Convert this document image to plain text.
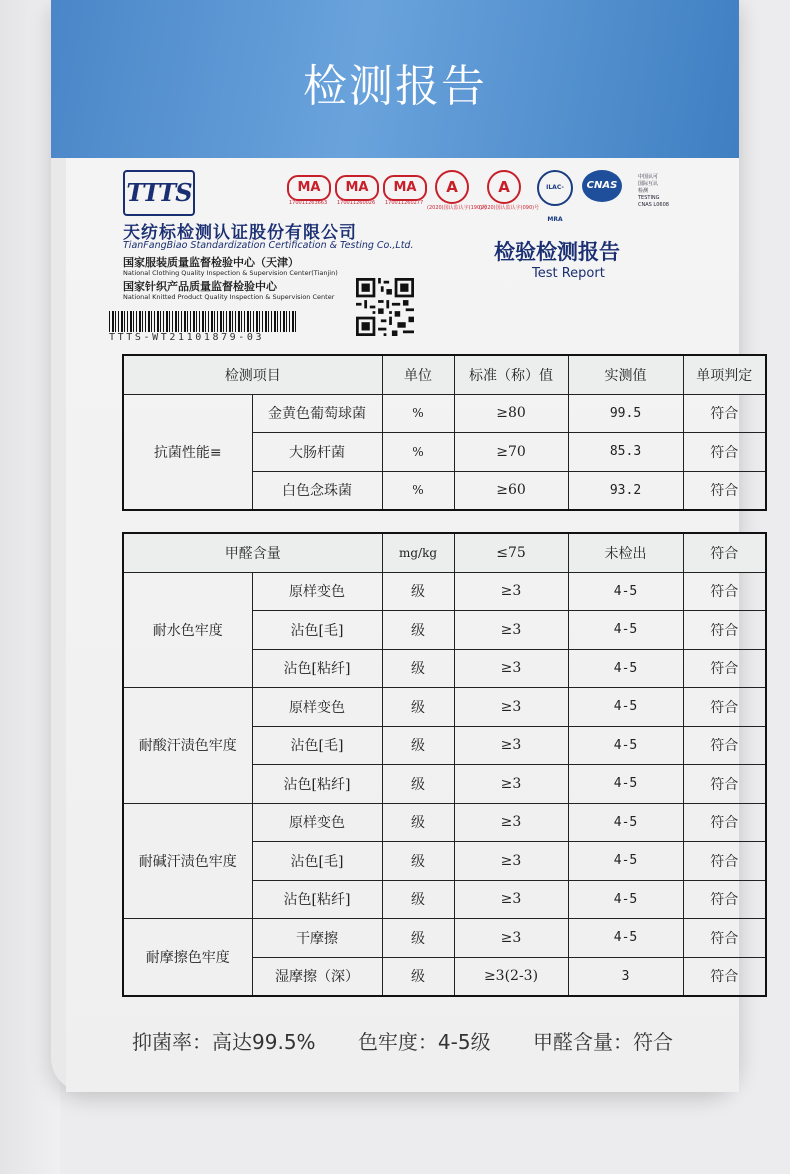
检测报告
TTTS
天纺标检测认证股份有限公司
TianFangBiao Standardization Certification & Testing Co.,Ltd.
国家服装质量监督检验中心（天津）
National Clothing Quality Inspection & Supervision Center(Tianjin)
国家针织产品质量监督检验中心
National Knitted Product Quality Inspection & Supervision Center
TTTS-WT21101879-03
MA
170011263663
MA
170011260026
MA
170011260277
A
(2020)国认监认字(190)号
A
(2020)国认监认字(090)号
ILAC-MRA
CNAS
中国认可
国际互认
检测
TESTING
CNAS L0608
检验检测报告
Test Report
检测项目		单位	标准（称）值	实测值	单项判定
抗菌性能≡	金黄色葡萄球菌	%	≥80	99.5	符合
	大肠杆菌	%	≥70	85.3	符合
	白色念珠菌	%	≥60	93.2	符合
甲醛含量		mg/kg	≤75	未检出	符合
耐水色牢度	原样变色	级	≥3	4-5	符合
	沾色[毛]	级	≥3	4-5	符合
	沾色[粘纤]	级	≥3	4-5	符合
耐酸汗渍色牢度	原样变色	级	≥3	4-5	符合
	沾色[毛]	级	≥3	4-5	符合
	沾色[粘纤]	级	≥3	4-5	符合
耐碱汗渍色牢度	原样变色	级	≥3	4-5	符合
	沾色[毛]	级	≥3	4-5	符合
	沾色[粘纤]	级	≥3	4-5	符合
耐摩擦色牢度	干摩擦	级	≥3	4-5	符合
	湿摩擦（深）	级	≥3(2-3)	3	符合
抑菌率：高达99.5% 色牢度：4-5级 甲醛含量：符合
